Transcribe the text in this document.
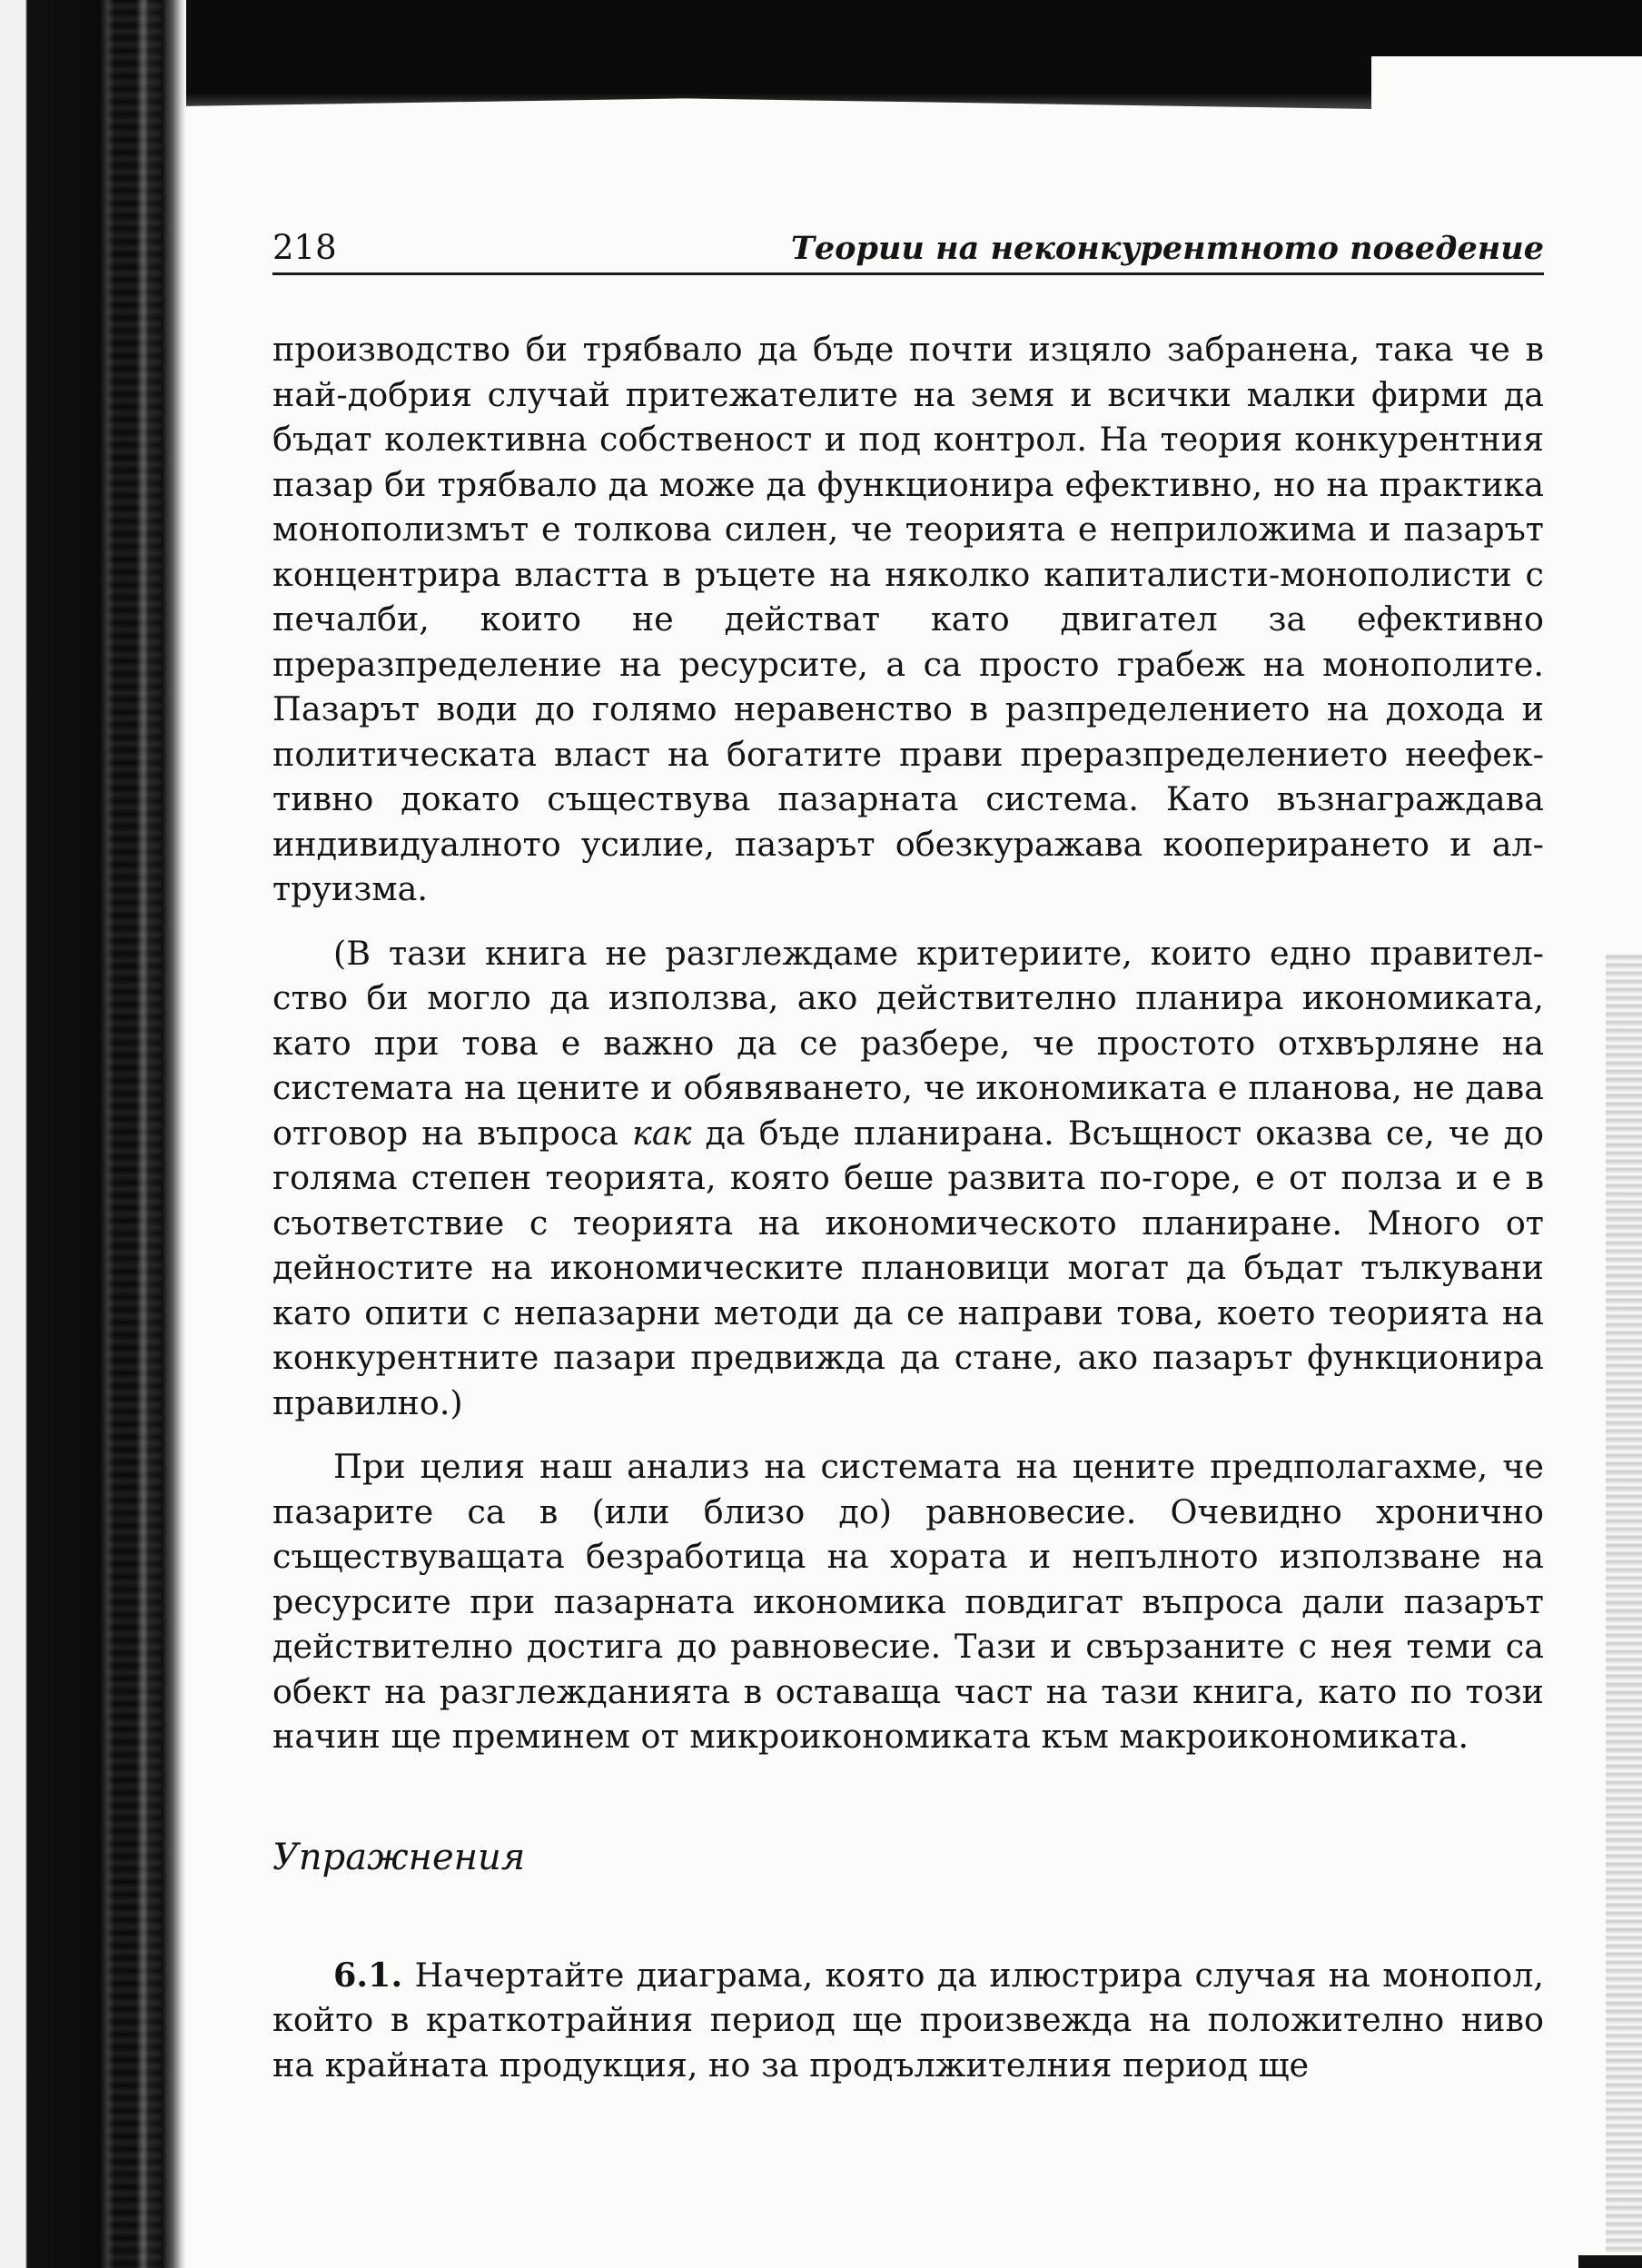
218	Теории на неконкурентното поведение

производство би трябвало да бъде почти изцяло забранена, така че в най-добрия случай притежателите на земя и всички малки фирми да бъдат колективна собственост и под контрол. На теория конкурентния пазар би трябвало да може да функционира ефективно, но на практика монополизмът е толкова силен, че теорията е неприложима и пазарът концентрира властта в ръцете на няколко капиталисти-монополисти с печалби, които не действат като двигател за ефективно преразпределение на ресурсите, а са просто грабеж на монополите. Пазарът води до голямо неравенство в разпределението на дохода и политическата власт на богатите прави преразпределението неефективно докато съществува пазарната система. Като възнаграждава индивидуалното усилие, пазарът обезкуражава кооперирането и алтруизма.

(В тази книга не разглеждаме критериите, които едно правителство би могло да използва, ако действително планира икономиката, като при това е важно да се разбере, че простото отхвърляне на системата на цените и обявяването, че икономиката е планова, не дава отговор на въпроса как да бъде планирана. Всъщност оказва се, че до голяма степен теорията, която беше развита по-горе, е от полза и е в съответствие с теорията на икономическото планиране. Много от дейностите на икономическите плановици могат да бъдат тълкувани като опити с непазарни методи да се направи това, което теорията на конкурентните пазари предвижда да стане, ако пазарът функционира правилно.)

При целия наш анализ на системата на цените предполагахме, че пазарите са в (или близо до) равновесие. Очевидно хронично съществуващата безработица на хората и непълното използване на ресурсите при пазарната икономика повдигат въпроса дали пазарът действително достига до равновесие. Тази и свързаните с нея теми са обект на разглежданията в оставаща част на тази книга, като по този начин ще преминем от микроикономиката към макроикономиката.

Упражнения

6.1. Начертайте диаграма, която да илюстрира случая на монопол, който в краткотрайния период ще произвежда на положително ниво на крайната продукция, но за продължителния период ще
